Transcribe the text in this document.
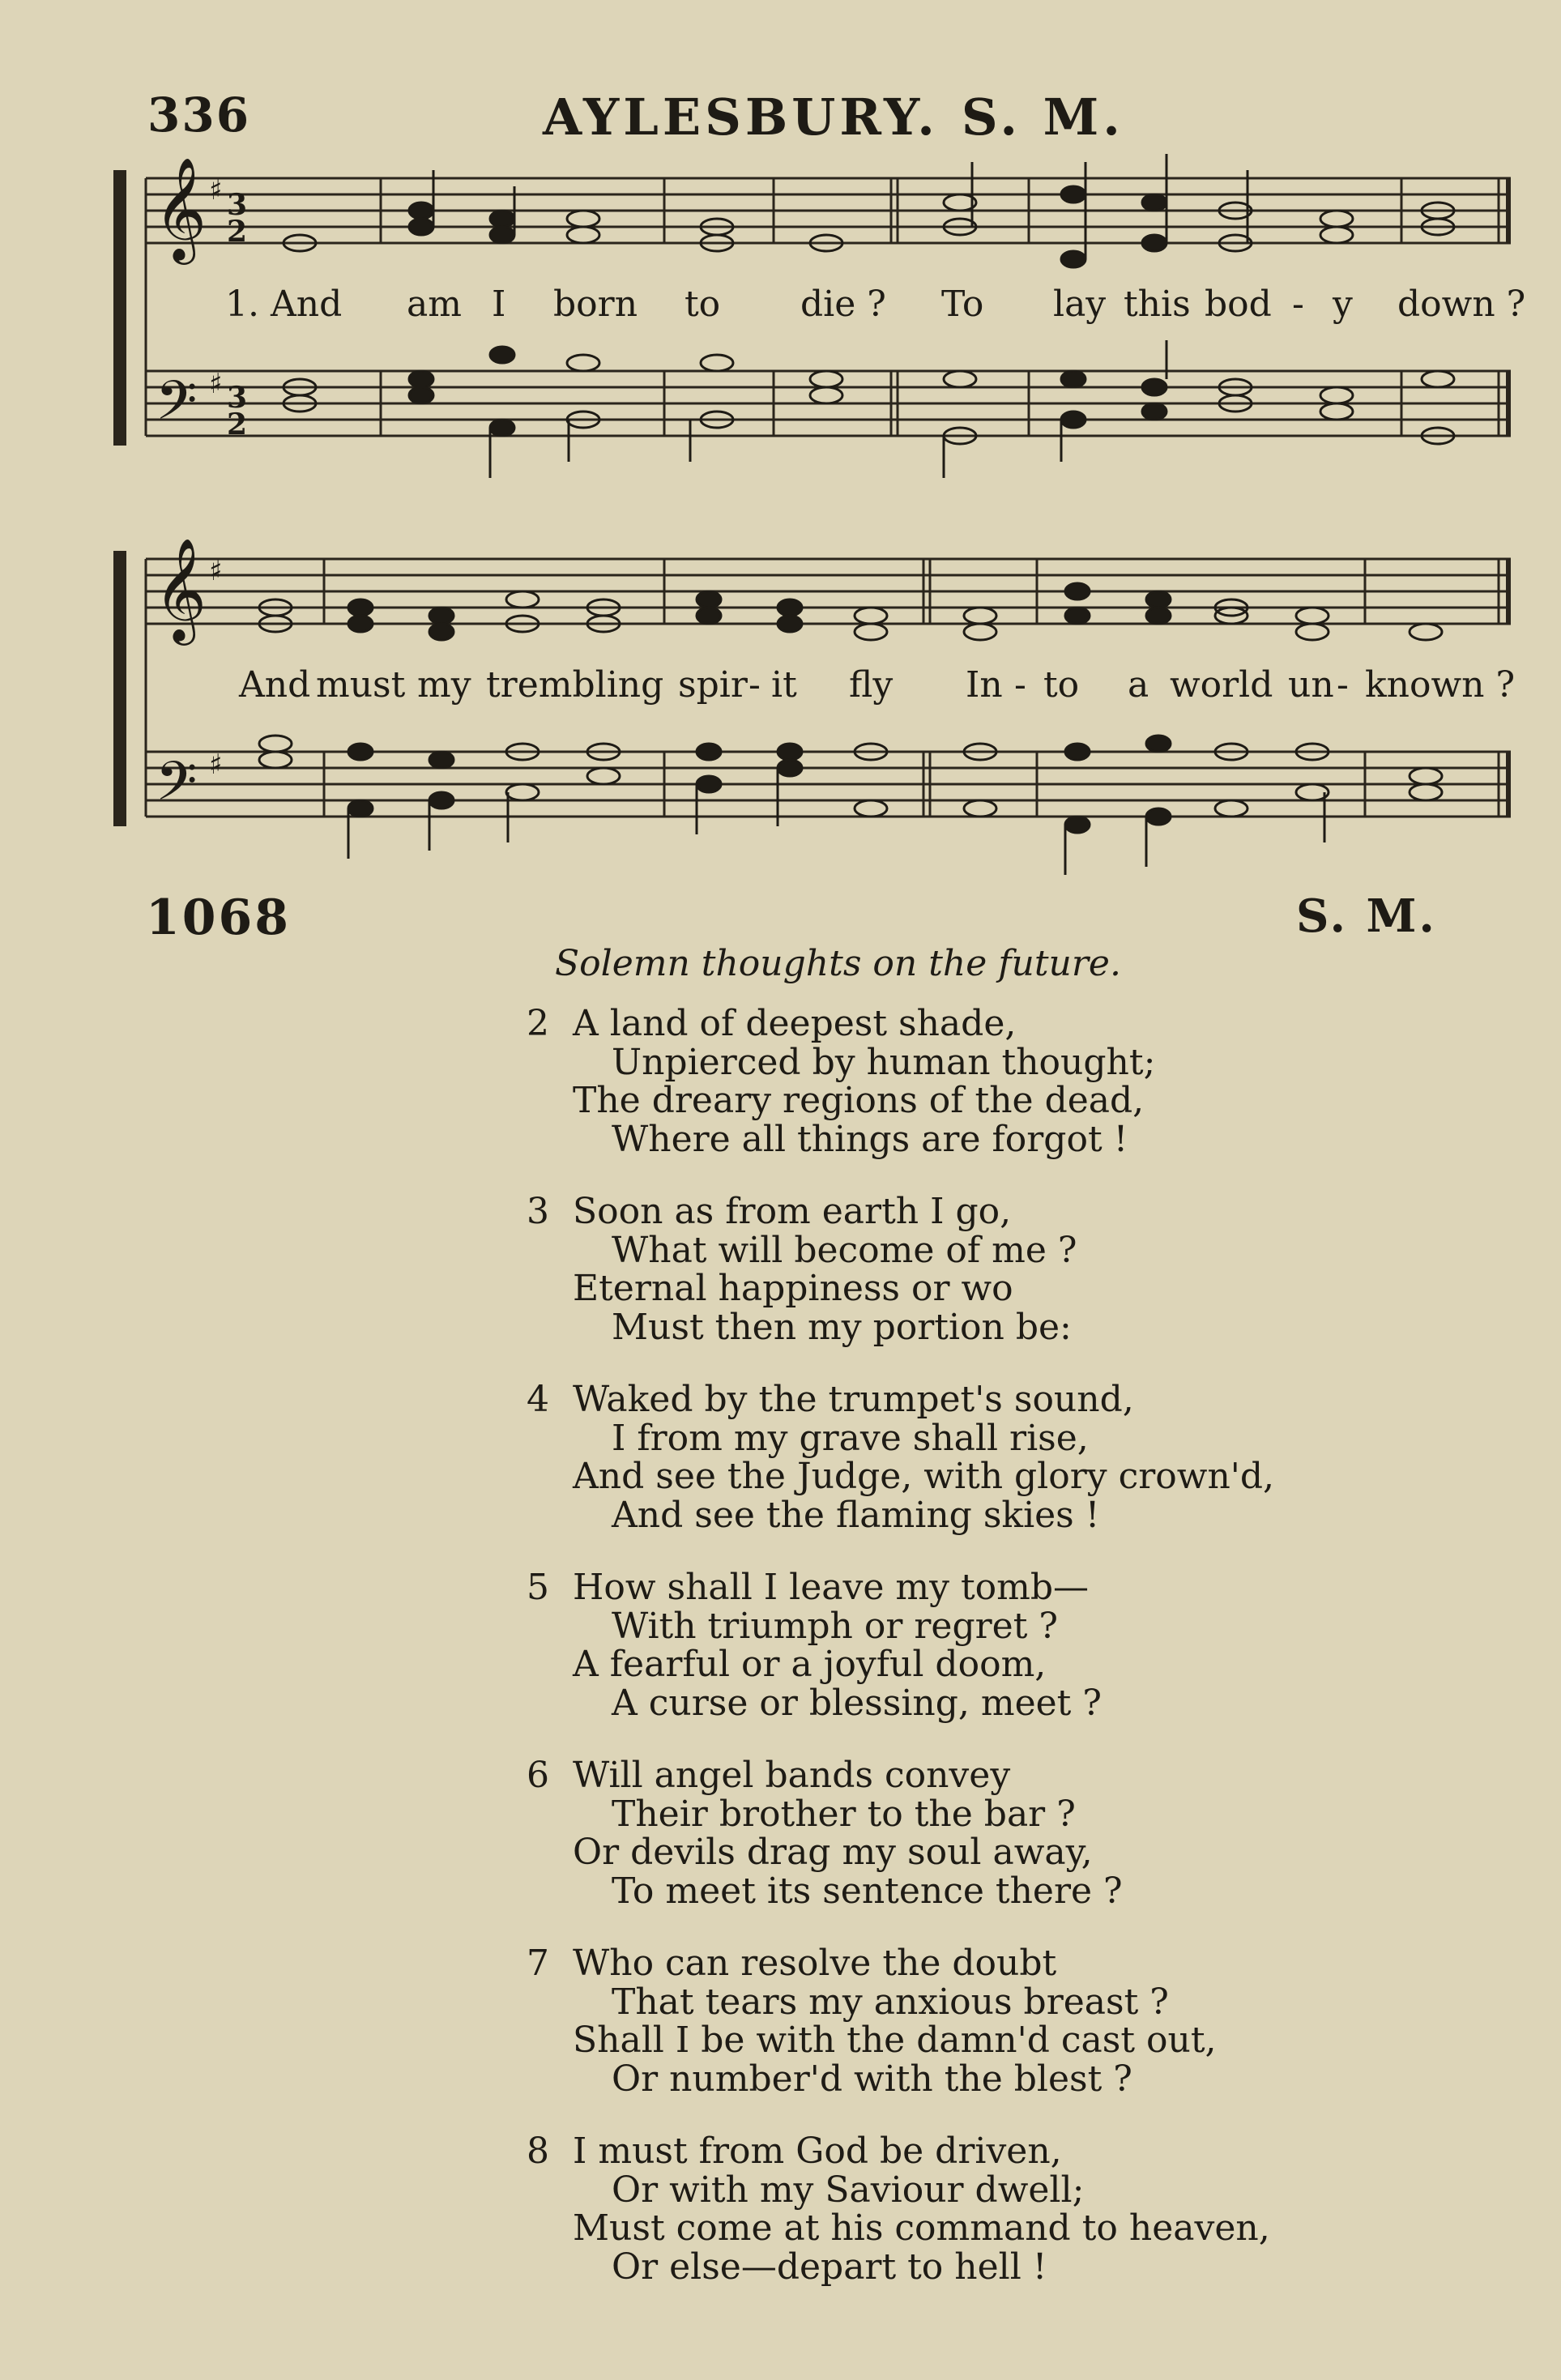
336	AYLESBURY. S. M.
𝄞
𝄢
♯
♯
3
2
3
2
1. And am I born to die ? To lay this bod - y down ?
𝄞
𝄢
♯
♯
And must my trembling spir - it fly In - to a world un - known ?
1068	S. M.
Solemn thoughts on the future.
2 A land of deepest shade,
Unpierced by human thought;
The dreary regions of the dead,
Where all things are forgot !
3 Soon as from earth I go,
What will become of me ?
Eternal happiness or wo
Must then my portion be:
4 Waked by the trumpet's sound,
I from my grave shall rise,
And see the Judge, with glory crown'd,
And see the flaming skies !
5 How shall I leave my tomb—
With triumph or regret ?
A fearful or a joyful doom,
A curse or blessing, meet ?
6 Will angel bands convey
Their brother to the bar ?
Or devils drag my soul away,
To meet its sentence there ?
7 Who can resolve the doubt
That tears my anxious breast ?
Shall I be with the damn'd cast out,
Or number'd with the blest ?
8 I must from God be driven,
Or with my Saviour dwell;
Must come at his command to heaven,
Or else—depart to hell !
